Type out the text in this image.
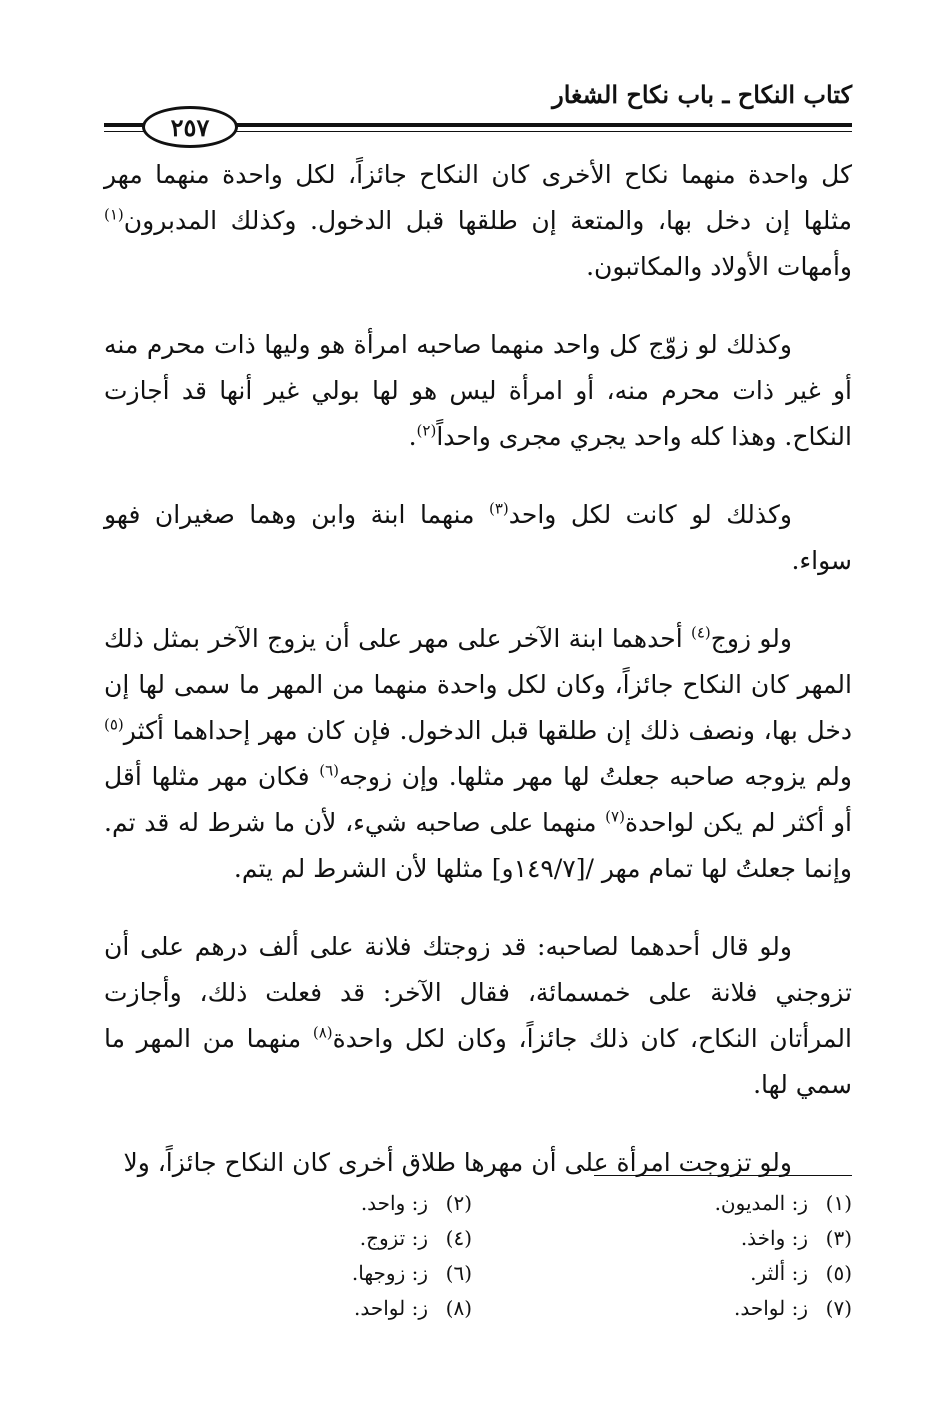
كتاب النكاح ـ باب نكاح الشغار
٢٥٧

كل واحدة منهما نكاح الأخرى كان النكاح جائزاً، لكل واحدة منهما مهر مثلها إن دخل بها، والمتعة إن طلقها قبل الدخول. وكذلك المدبرون$^{(١)}$ وأمهات الأولاد والمكاتبون.

وكذلك لو زوّج كل واحد منهما صاحبه امرأة هو وليها ذات محرم منه أو غير ذات محرم منه، أو امرأة ليس هو لها بولي غير أنها قد أجازت النكاح. وهذا كله واحد يجري مجرى واحداً$^{(٢)}$.

وكذلك لو كانت لكل واحد$^{(٣)}$ منهما ابنة وابن وهما صغيران فهو سواء.

ولو زوج$^{(٤)}$ أحدهما ابنة الآخر على مهر على أن يزوج الآخر بمثل ذلك المهر كان النكاح جائزاً، وكان لكل واحدة منهما من المهر ما سمى لها إن دخل بها، ونصف ذلك إن طلقها قبل الدخول. فإن كان مهر إحداهما أكثر$^{(٥)}$ ولم يزوجه صاحبه جعلتُ لها مهر مثلها. وإن زوجه$^{(٦)}$ فكان مهر مثلها أقل أو أكثر لم يكن لواحدة$^{(٧)}$ منهما على صاحبه شيء، لأن ما شرط له قد تم. وإنما جعلتُ لها تمام مهر /[١٤٩/٧و] مثلها لأن الشرط لم يتم.

ولو قال أحدهما لصاحبه: قد زوجتك فلانة على ألف درهم على أن تزوجني فلانة على خمسمائة، فقال الآخر: قد فعلت ذلك، وأجازت المرأتان النكاح، كان ذلك جائزاً، وكان لكل واحدة$^{(٨)}$ منهما من المهر ما سمي لها.

ولو تزوجت امرأة على أن مهرها طلاق أخرى كان النكاح جائزاً، ولا

(١)ز: المديون.
(٢)ز: واحد.
(٣)ز: واخذ.
(٤)ز: تزوج.
(٥)ز: ألثر.
(٦)ز: زوجها.
(٧)ز: لواحد.
(٨)ز: لواحد.
